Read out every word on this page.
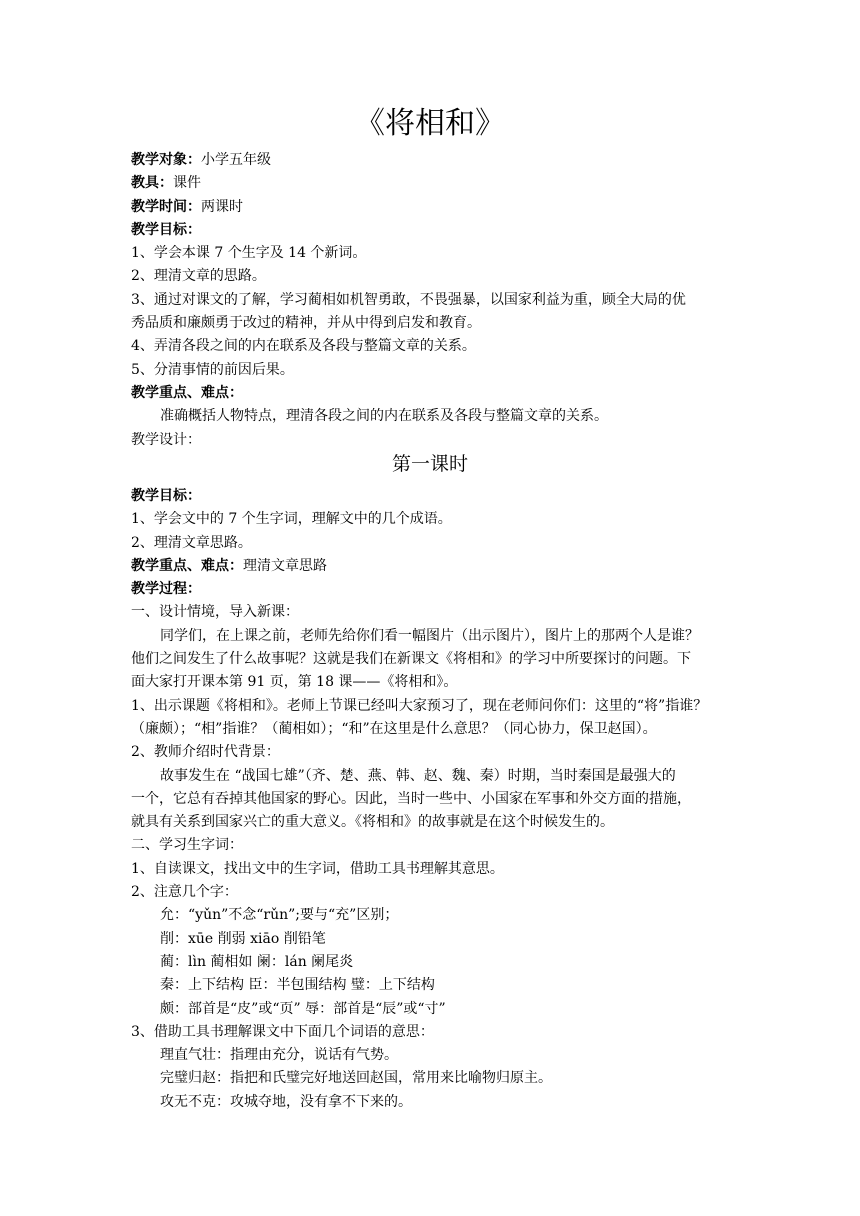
《将相和》
教学对象：小学五年级
教具：课件
教学时间：两课时
教学目标：
1、学会本课 7 个生字及 14 个新词。
2、理清文章的思路。
3、通过对课文的了解，学习蔺相如机智勇敢，不畏强暴，以国家利益为重，顾全大局的优
秀品质和廉颇勇于改过的精神，并从中得到启发和教育。
4、弄清各段之间的内在联系及各段与整篇文章的关系。
5、分清事情的前因后果。
教学重点、难点：
准确概括人物特点，理清各段之间的内在联系及各段与整篇文章的关系。
教学设计：
第一课时
教学目标：
1、学会文中的 7 个生字词，理解文中的几个成语。
2、理清文章思路。
教学重点、难点：理清文章思路
教学过程：
一、设计情境，导入新课：
同学们，在上课之前，老师先给你们看一幅图片（出示图片），图片上的那两个人是谁？
他们之间发生了什么故事呢？这就是我们在新课文《将相和》的学习中所要探讨的问题。下
面大家打开课本第 91 页，第 18 课——《将相和》。
1、出示课题《将相和》。老师上节课已经叫大家预习了，现在老师问你们：这里的“将”指谁？
（廉颇）；“相”指谁？（蔺相如）；“和”在这里是什么意思？（同心协力，保卫赵国）。
2、教师介绍时代背景：
故事发生在 “战国七雄”（齐、楚、燕、韩、赵、魏、秦）时期，当时秦国是最强大的
一个，它总有吞掉其他国家的野心。因此，当时一些中、小国家在军事和外交方面的措施，
就具有关系到国家兴亡的重大意义。《将相和》的故事就是在这个时候发生的。
二、学习生字词：
1、自读课文，找出文中的生字词，借助工具书理解其意思。
2、注意几个字：
允：“yǔn”不念“rǔn”;要与“充”区别；
削：xūe 削弱 xiāo 削铅笔
蔺：lìn 蔺相如 阑：lán 阑尾炎
秦：上下结构 臣：半包围结构 璧：上下结构
颇：部首是“皮”或“页” 辱：部首是“辰”或“寸”
3、借助工具书理解课文中下面几个词语的意思：
理直气壮：指理由充分，说话有气势。
完璧归赵：指把和氏璧完好地送回赵国，常用来比喻物归原主。
攻无不克：攻城夺地，没有拿不下来的。
